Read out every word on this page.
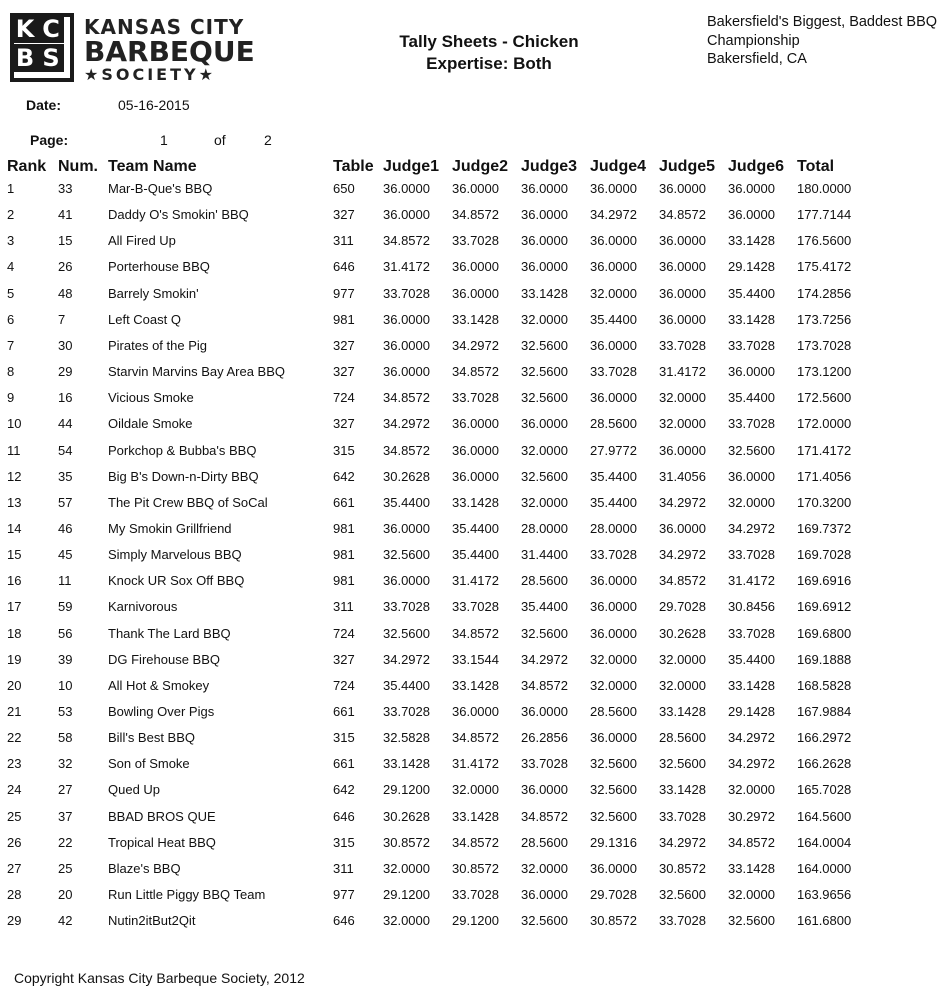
K C
B S
KANSAS CITY
BARBEQUE
★SOCIETY★
Tally Sheets - Chicken
Expertise: Both
Bakersfield's Biggest, Baddest BBQ
Championship
Bakersfield, CA
Date:	05-16-2015
Page:	1	of	2
Rank Num. Team Name	Table Judge1 Judge2 Judge3 Judge4 Judge5 Judge6 Total
1	33	Mar-B-Que's BBQ	650 36.0000 36.0000 36.0000 36.0000 36.0000 36.0000 180.0000
2	41	Daddy O's Smokin' BBQ	327 36.0000 34.8572 36.0000 34.2972 34.8572 36.0000 177.7144
3	15	All Fired Up	311 34.8572 33.7028 36.0000 36.0000 36.0000 33.1428 176.5600
4	26	Porterhouse BBQ	646 31.4172 36.0000 36.0000 36.0000 36.0000 29.1428 175.4172
5	48	Barrely Smokin'	977 33.7028 36.0000 33.1428 32.0000 36.0000 35.4400 174.2856
6	7	Left Coast Q	981 36.0000 33.1428 32.0000 35.4400 36.0000 33.1428 173.7256
7	30	Pirates of the Pig	327 36.0000 34.2972 32.5600 36.0000 33.7028 33.7028 173.7028
8	29	Starvin Marvins Bay Area BBQ	327 36.0000 34.8572 32.5600 33.7028 31.4172 36.0000 173.1200
9	16	Vicious Smoke	724 34.8572 33.7028 32.5600 36.0000 32.0000 35.4400 172.5600
10	44	Oildale Smoke	327 34.2972 36.0000 36.0000 28.5600 32.0000 33.7028 172.0000
11	54	Porkchop & Bubba's BBQ	315 34.8572 36.0000 32.0000 27.9772 36.0000 32.5600 171.4172
12	35	Big B's Down-n-Dirty BBQ	642 30.2628 36.0000 32.5600 35.4400 31.4056 36.0000 171.4056
13	57	The Pit Crew BBQ of SoCal	661 35.4400 33.1428 32.0000 35.4400 34.2972 32.0000 170.3200
14	46	My Smokin Grillfriend	981 36.0000 35.4400 28.0000 28.0000 36.0000 34.2972 169.7372
15	45	Simply Marvelous BBQ	981 32.5600 35.4400 31.4400 33.7028 34.2972 33.7028 169.7028
16	11	Knock UR Sox Off BBQ	981 36.0000 31.4172 28.5600 36.0000 34.8572 31.4172 169.6916
17	59	Karnivorous	311 33.7028 33.7028 35.4400 36.0000 29.7028 30.8456 169.6912
18	56	Thank The Lard BBQ	724 32.5600 34.8572 32.5600 36.0000 30.2628 33.7028 169.6800
19	39	DG Firehouse BBQ	327 34.2972 33.1544 34.2972 32.0000 32.0000 35.4400 169.1888
20	10	All Hot & Smokey	724 35.4400 33.1428 34.8572 32.0000 32.0000 33.1428 168.5828
21	53	Bowling Over Pigs	661 33.7028 36.0000 36.0000 28.5600 33.1428 29.1428 167.9884
22	58	Bill's Best BBQ	315 32.5828 34.8572 26.2856 36.0000 28.5600 34.2972 166.2972
23	32	Son of Smoke	661 33.1428 31.4172 33.7028 32.5600 32.5600 34.2972 166.2628
24	27	Qued Up	642 29.1200 32.0000 36.0000 32.5600 33.1428 32.0000 165.7028
25	37	BBAD BROS QUE	646 30.2628 33.1428 34.8572 32.5600 33.7028 30.2972 164.5600
26	22	Tropical Heat BBQ	315 30.8572 34.8572 28.5600 29.1316 34.2972 34.8572 164.0004
27	25	Blaze's BBQ	311 32.0000 30.8572 32.0000 36.0000 30.8572 33.1428 164.0000
28	20	Run Little Piggy BBQ Team	977 29.1200 33.7028 36.0000 29.7028 32.5600 32.0000 163.9656
29	42	Nutin2itBut2Qit	646 32.0000 29.1200 32.5600 30.8572 33.7028 32.5600 161.6800
Copyright Kansas City Barbeque Society, 2012
